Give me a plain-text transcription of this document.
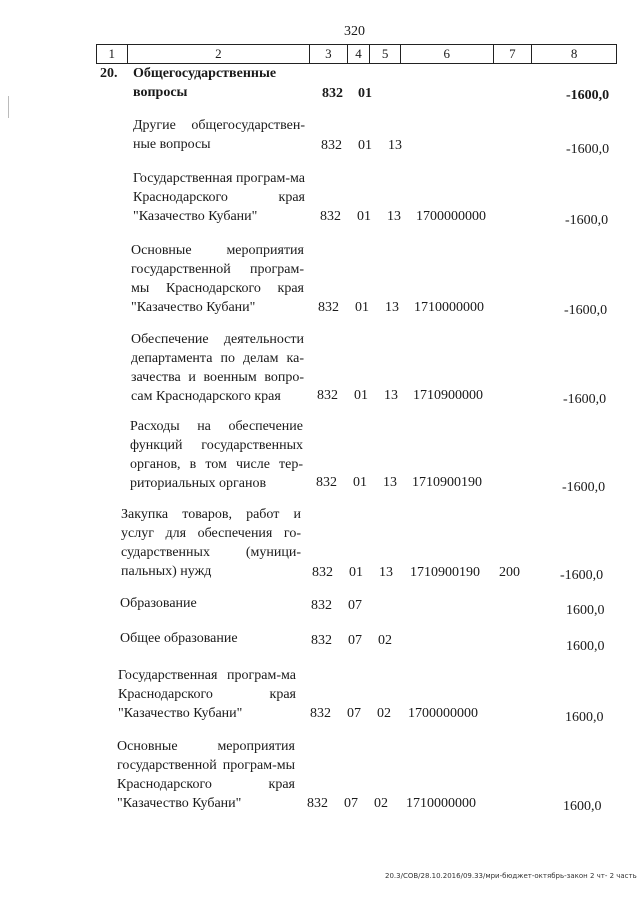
320
1	2	3	4	5	6	7	8
20. Общегосударственные вопросы	832 01	-1600,0
Другие общегосударствен-ные вопросы	832 01 13	-1600,0
Государственная програм-ма Краснодарского края "Казачество Кубани"	832 01 13 1700000000	-1600,0
Основные мероприятия государственной програм-мы Краснодарского края "Казачество Кубани"	832 01 13 1710000000	-1600,0
Обеспечение деятельности департамента по делам ка-зачества и военным вопро-сам Краснодарского края	832 01 13 1710900000	-1600,0
Расходы на обеспечение функций государственных органов, в том числе тер-риториальных органов	832 01 13 1710900190	-1600,0
Закупка товаров, работ и услуг для обеспечения го-сударственных (муници-пальных) нужд	832 01 13 1710900190 200	-1600,0
Образование	832 07	1600,0
Общее образование	832 07 02	1600,0
Государственная програм-ма Краснодарского края "Казачество Кубани"	832 07 02 1700000000	1600,0
Основные мероприятия государственной програм-мы Краснодарского края "Казачество Кубани"	832 07 02 1710000000	1600,0
20.3/СОВ/28.10.2016/09.33/мри-бюджет-октябрь-закон 2 чт- 2 часть
